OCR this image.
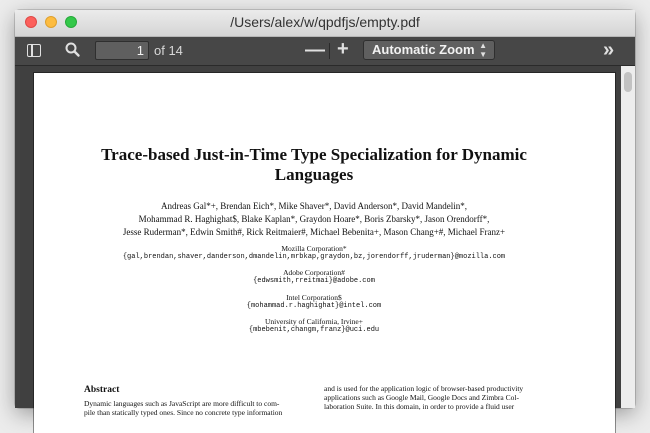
/Users/alex/w/qpdfjs/empty.pdf
1 of 14	— +	Automatic Zoom ▲
▼	»
Trace-based Just-in-Time Type Specialization for Dynamic Languages
Andreas Gal*+, Brendan Eich*, Mike Shaver*, David Anderson*, David Mandelin*,
Mohammad R. Haghighat$, Blake Kaplan*, Graydon Hoare*, Boris Zbarsky*, Jason Orendorff*,
Jesse Ruderman*, Edwin Smith#, Rick Reitmaier#, Michael Bebenita+, Mason Chang+#, Michael Franz+
Mozilla Corporation*
{gal,brendan,shaver,danderson,dmandelin,mrbkap,graydon,bz,jorendorff,jruderman}@mozilla.com
Adobe Corporation#
{edwsmith,rreitmai}@adobe.com
Intel Corporation$
{mohammad.r.haghighat}@intel.com
University of California, Irvine+
{mbebenit,changm,franz}@uci.edu
Abstract
Dynamic languages such as JavaScript are more difficult to com-
pile than statically typed ones. Since no concrete type information
and is used for the application logic of browser-based productivity
applications such as Google Mail, Google Docs and Zimbra Col-
laboration Suite. In this domain, in order to provide a fluid user
